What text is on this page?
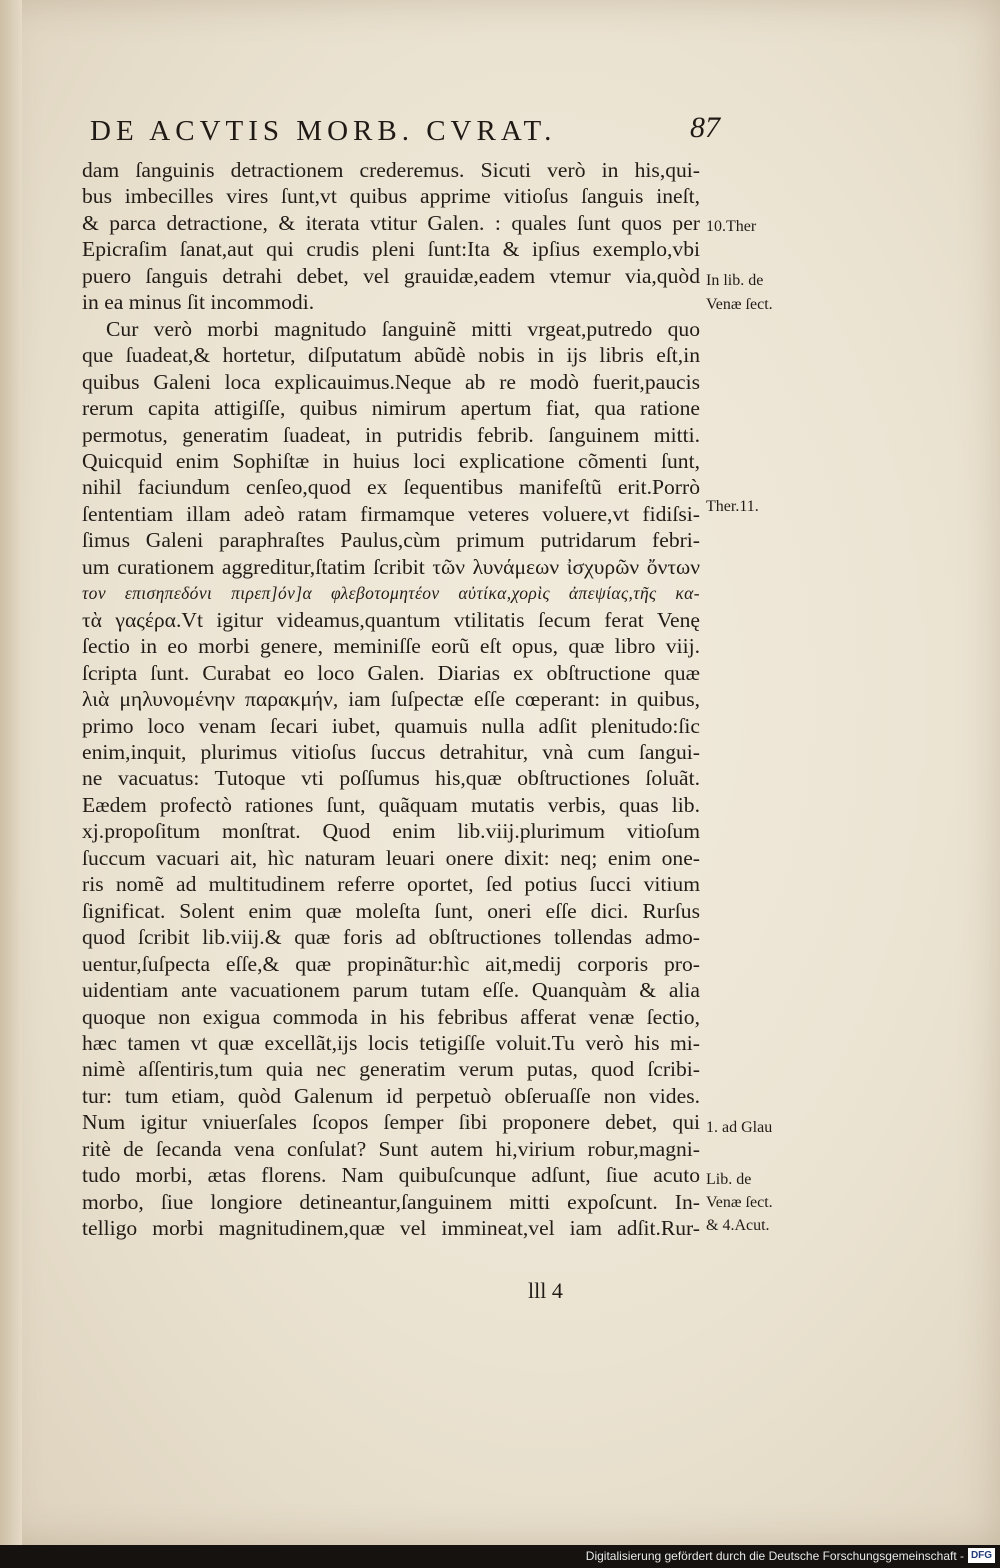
DE ACVTIS MORB. CVRAT.	87
dam ſanguinis detractionem crederemus. Sicuti verò in his,qui-
bus imbecilles vires ſunt,vt quibus apprime vitioſus ſanguis ineſt,
& parca detractione, & iterata vtitur Galen. : quales ſunt quos per
Epicraſim ſanat,aut qui crudis pleni ſunt:Ita & ipſius exemplo,vbi
puero ſanguis detrahi debet, vel grauidæ,eadem vtemur via,quòd
in ea minus ſit incommodi.
Cur verò morbi magnitudo ſanguinẽ mitti vrgeat,putredo quo
que ſuadeat,& hortetur, diſputatum abũdè nobis in ijs libris eſt,in
quibus Galeni loca explicauimus.Neque ab re modò fuerit,paucis
rerum capita attigiſſe, quibus nimirum apertum fiat, qua ratione
permotus, generatim ſuadeat, in putridis febrib. ſanguinem mitti.
Quicquid enim Sophiſtæ in huius loci explicatione cõmenti ſunt,
nihil faciundum cenſeo,quod ex ſequentibus manifeſtũ erit.Porrò
ſententiam illam adeò ratam firmamque veteres voluere,vt fidiſsi-
ſimus Galeni paraphraſtes Paulus,cùm primum putridarum febri-
um curationem aggreditur,ſtatim ſcribit τῶν λυνάμεων ἰσχυρῶν ὄντων
τον επισηπεδόνι πιρεπ]όν]α φλεβοτομητέον αὐτίκα,χορὶς ἀπεψίας,τῆς κα-
τὰ γαςέρα.Vt igitur videamus,quantum vtilitatis ſecum ferat Venę
ſectio in eo morbi genere, meminiſſe eorũ eſt opus, quæ libro viij.
ſcripta ſunt. Curabat eo loco Galen. Diarias ex obſtructione quæ
λιὰ μηλυνομένην παρακμήν, iam ſuſpectæ eſſe cœperant: in quibus,
primo loco venam ſecari iubet, quamuis nulla adſit plenitudo:ſic
enim,inquit, plurimus vitioſus ſuccus detrahitur, vnà cum ſangui-
ne vacuatus: Tutoque vti poſſumus his,quæ obſtructiones ſoluãt.
Eædem profectò rationes ſunt, quãquam mutatis verbis, quas lib.
xj.propoſitum monſtrat. Quod enim lib.viij.plurimum vitioſum
ſuccum vacuari ait, hìc naturam leuari onere dixit: neq; enim one-
ris nomẽ ad multitudinem referre oportet, ſed potius ſucci vitium
ſignificat. Solent enim quæ moleſta ſunt, oneri eſſe dici. Rurſus
quod ſcribit lib.viij.& quæ foris ad obſtructiones tollendas admo-
uentur,ſuſpecta eſſe,& quæ propinãtur:hìc ait,medij corporis pro-
uidentiam ante vacuationem parum tutam eſſe. Quanquàm & alia
quoque non exigua commoda in his febribus afferat venæ ſectio,
hæc tamen vt quæ excellãt,ijs locis tetigiſſe voluit.Tu verò his mi-
nimè aſſentiris,tum quia nec generatim verum putas, quod ſcribi-
tur: tum etiam, quòd Galenum id perpetuò obſeruaſſe non vides.
Num igitur vniuerſales ſcopos ſemper ſibi proponere debet, qui
ritè de ſecanda vena conſulat? Sunt autem hi,virium robur,magni-
tudo morbi, ætas florens. Nam quibuſcunque adſunt, ſiue acuto
morbo, ſiue longiore detineantur,ſanguinem mitti expoſcunt. In-
telligo morbi magnitudinem,quæ vel immineat,vel iam adſit.Rur-
10.Ther
In lib. de
Venæ ſect.
Ther.11.
1. ad Glau
Lib. de
Venæ ſect.
& 4.Acut.
lll 4
Digitalisierung gefördert durch die Deutsche Forschungsgemeinschaft - DFG
